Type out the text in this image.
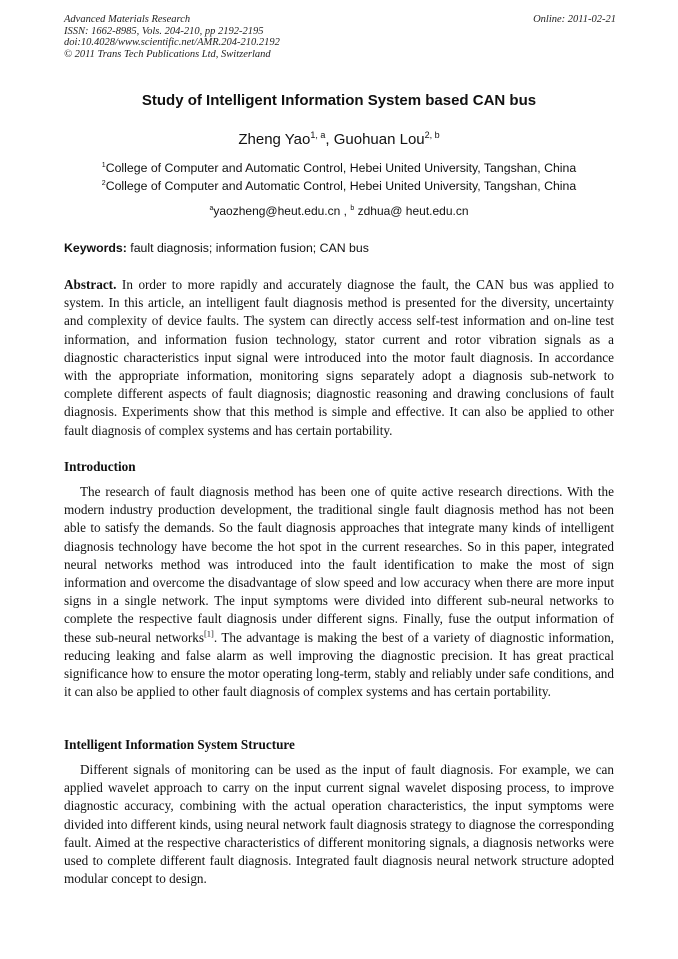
Advanced Materials Research
ISSN: 1662-8985, Vols. 204-210, pp 2192-2195
doi:10.4028/www.scientific.net/AMR.204-210.2192
© 2011 Trans Tech Publications Ltd, Switzerland
Online: 2011-02-21
Study of Intelligent Information System based CAN bus
Zheng Yao$^{1, a}$, Guohuan Lou$^{2, b}$
$^1$College of Computer and Automatic Control, Hebei United University, Tangshan, China
$^2$College of Computer and Automatic Control, Hebei United University, Tangshan, China
$^a$yaozheng@heut.edu.cn , $^b$ zdhua@ heut.edu.cn
Keywords: fault diagnosis; information fusion; CAN bus

Abstract. In order to more rapidly and accurately diagnose the fault, the CAN bus was applied to system. In this article, an intelligent fault diagnosis method is presented for the diversity, uncertainty and complexity of device faults. The system can directly access self-test information and on-line test information, and information fusion technology, stator current and rotor vibration signals as a diagnostic characteristics input signal were introduced into the motor fault diagnosis. In accordance with the appropriate information, monitoring signs separately adopt a diagnosis sub-network to complete different aspects of fault diagnosis; diagnostic reasoning and drawing conclusions of fault diagnosis. Experiments show that this method is simple and effective. It can also be applied to other fault diagnosis of complex systems and has certain portability.

Introduction

The research of fault diagnosis method has been one of quite active research directions. With the modern industry production development, the traditional single fault diagnosis method has not been able to satisfy the demands. So the fault diagnosis approaches that integrate many kinds of intelligent diagnosis technology have become the hot spot in the current researches. So in this paper, integrated neural networks method was introduced into the fault identification to make the most of sign information and overcome the disadvantage of slow speed and low accuracy when there are more input signs in a single network. The input symptoms were divided into different sub-neural networks to complete the respective fault diagnosis under different signs. Finally, fuse the output information of these sub-neural networks[1]. The advantage is making the best of a variety of diagnostic information, reducing leaking and false alarm as well improving the diagnostic precision. It has great practical significance how to ensure the motor operating long-term, stably and reliably under safe conditions, and it can also be applied to other fault diagnosis of complex systems and has certain portability.

Intelligent Information System Structure

Different signals of monitoring can be used as the input of fault diagnosis. For example, we can applied wavelet approach to carry on the input current signal wavelet disposing process, to improve diagnostic accuracy, combining with the actual operation characteristics, the input symptoms were divided into different kinds, using neural network fault diagnosis strategy to diagnose the corresponding fault. Aimed at the respective characteristics of different monitoring signals, a diagnosis networks were used to complete different fault diagnosis. Integrated fault diagnosis neural network structure adopted modular concept to design.
